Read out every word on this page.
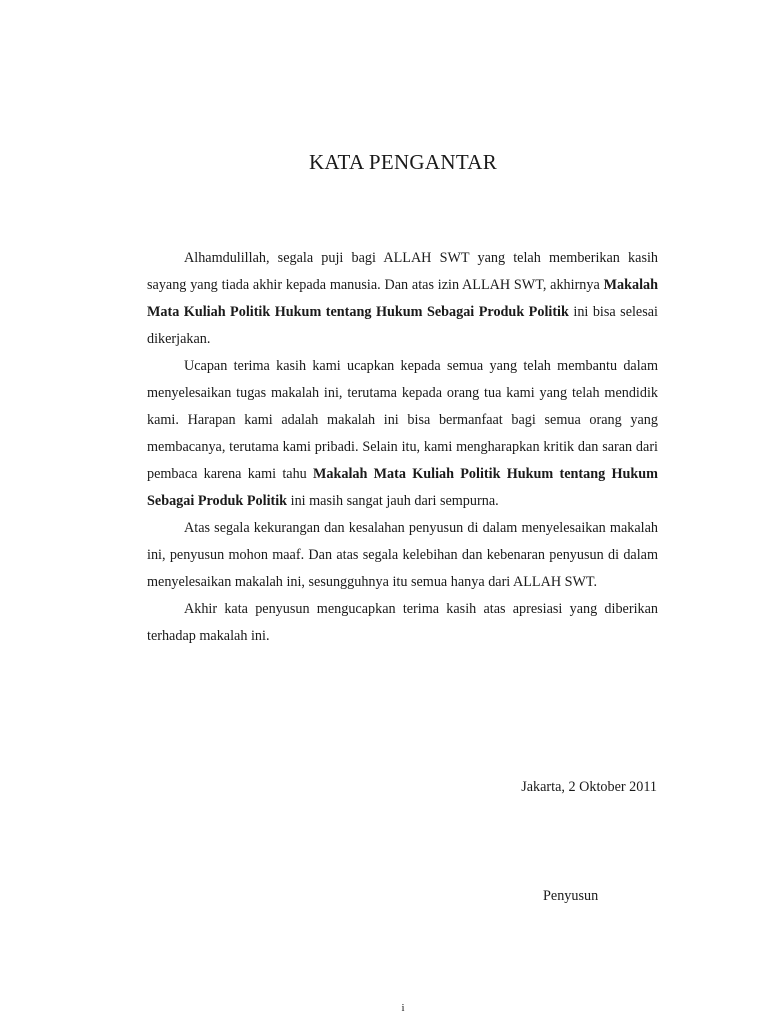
KATA PENGANTAR

Alhamdulillah, segala puji bagi ALLAH SWT yang telah memberikan kasih sayang yang tiada akhir kepada manusia. Dan atas izin ALLAH SWT, akhirnya Makalah Mata Kuliah Politik Hukum tentang Hukum Sebagai Produk Politik ini bisa selesai dikerjakan.

Ucapan terima kasih kami ucapkan kepada semua yang telah membantu dalam menyelesaikan tugas makalah ini, terutama kepada orang tua kami yang telah mendidik kami. Harapan kami adalah makalah ini bisa bermanfaat bagi semua orang yang membacanya, terutama kami pribadi. Selain itu, kami mengharapkan kritik dan saran dari pembaca karena kami tahu Makalah Mata Kuliah Politik Hukum tentang Hukum Sebagai Produk Politik ini masih sangat jauh dari sempurna.

Atas segala kekurangan dan kesalahan penyusun di dalam menyelesaikan makalah ini, penyusun mohon maaf. Dan atas segala kelebihan dan kebenaran penyusun di dalam menyelesaikan makalah ini, sesungguhnya itu semua hanya dari ALLAH SWT.

Akhir kata penyusun mengucapkan terima kasih atas apresiasi yang diberikan terhadap makalah ini.

Jakarta, 2 Oktober 2011
Penyusun
i
